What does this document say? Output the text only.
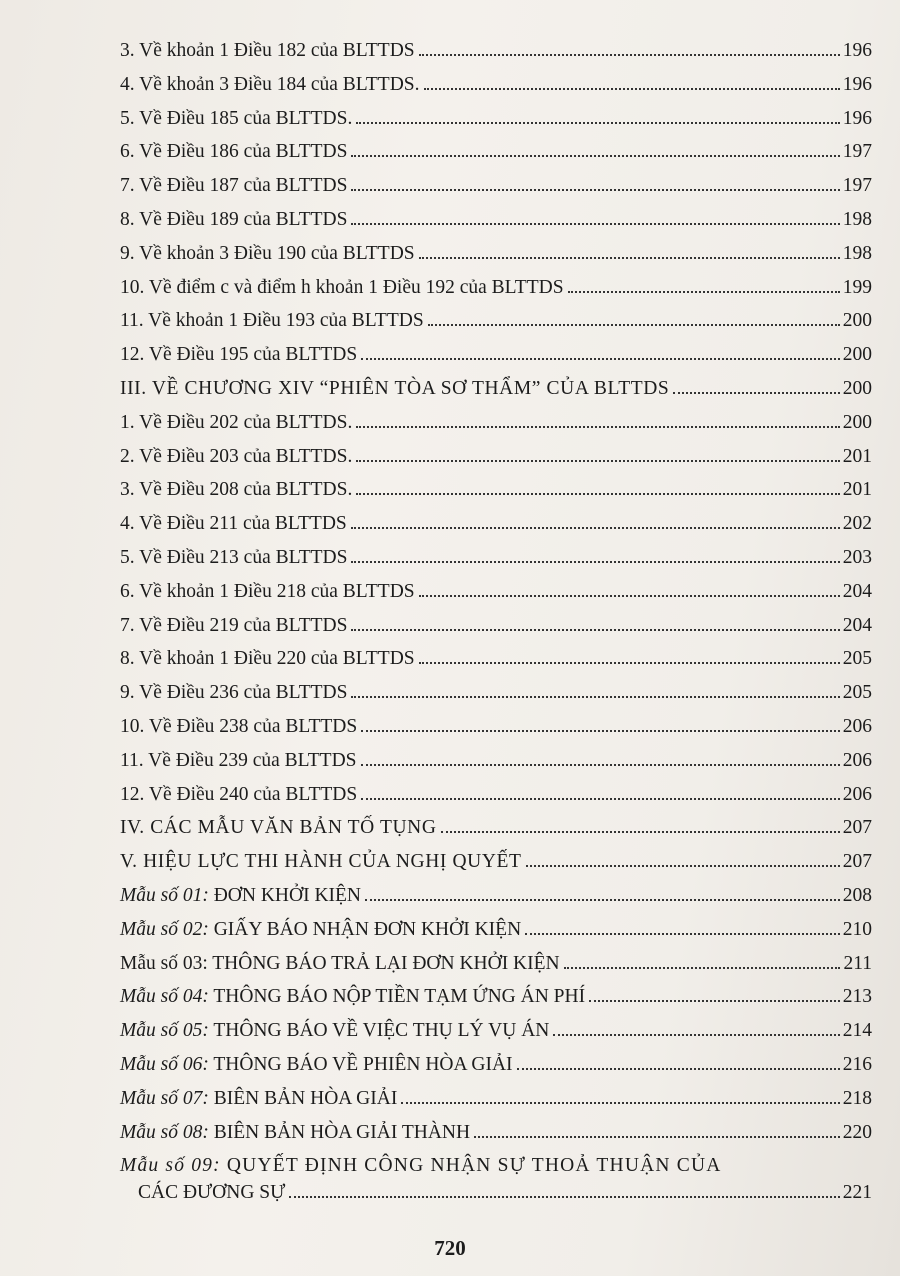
3. Về khoản 1 Điều 182 của BLTTDS	196
4. Về khoản 3 Điều 184 của BLTTDS.	196
5. Về Điều 185 của BLTTDS.	196
6. Về Điều 186 của BLTTDS	197
7. Về Điều 187 của BLTTDS	197
8. Về Điều 189 của BLTTDS	198
9. Về khoản 3 Điều 190 của BLTTDS	198
10. Về điểm c và điểm h khoản 1 Điều 192 của BLTTDS	199
11. Về khoản 1 Điều 193 của BLTTDS	200
12. Về Điều 195 của BLTTDS	200
III. VỀ CHƯƠNG XIV “PHIÊN TÒA SƠ THẨM” CỦA BLTTDS	200
1. Về Điều 202 của BLTTDS.	200
2. Về Điều 203 của BLTTDS.	201
3. Về Điều 208 của BLTTDS.	201
4. Về Điều 211 của BLTTDS	202
5. Về Điều 213 của BLTTDS	203
6. Về khoản 1 Điều 218 của BLTTDS	204
7. Về Điều 219 của BLTTDS	204
8. Về khoản 1 Điều 220 của BLTTDS	205
9. Về Điều 236 của BLTTDS	205
10. Về Điều 238 của BLTTDS	206
11. Về Điều 239 của BLTTDS	206
12. Về Điều 240 của BLTTDS	206
IV. CÁC MẪU VĂN BẢN TỐ TỤNG	207
V. HIỆU LỰC THI HÀNH CỦA NGHỊ QUYẾT	207
Mẫu số 01: ĐƠN KHỞI KIỆN	208
Mẫu số 02: GIẤY BÁO NHẬN ĐƠN KHỞI KIỆN	210
Mẫu số 03: THÔNG BÁO TRẢ LẠI ĐƠN KHỞI KIỆN	211
Mẫu số 04: THÔNG BÁO NỘP TIỀN TẠM ỨNG ÁN PHÍ	213
Mẫu số 05: THÔNG BÁO VỀ VIỆC THỤ LÝ VỤ ÁN	214
Mẫu số 06: THÔNG BÁO VỀ PHIÊN HÒA GIẢI	216
Mẫu số 07: BIÊN BẢN HÒA GIẢI	218
Mẫu số 08: BIÊN BẢN HÒA GIẢI THÀNH	220
Mẫu số 09: QUYẾT ĐỊNH CÔNG NHẬN SỰ THOẢ THUẬN CỦA
CÁC ĐƯƠNG SỰ	221
720
